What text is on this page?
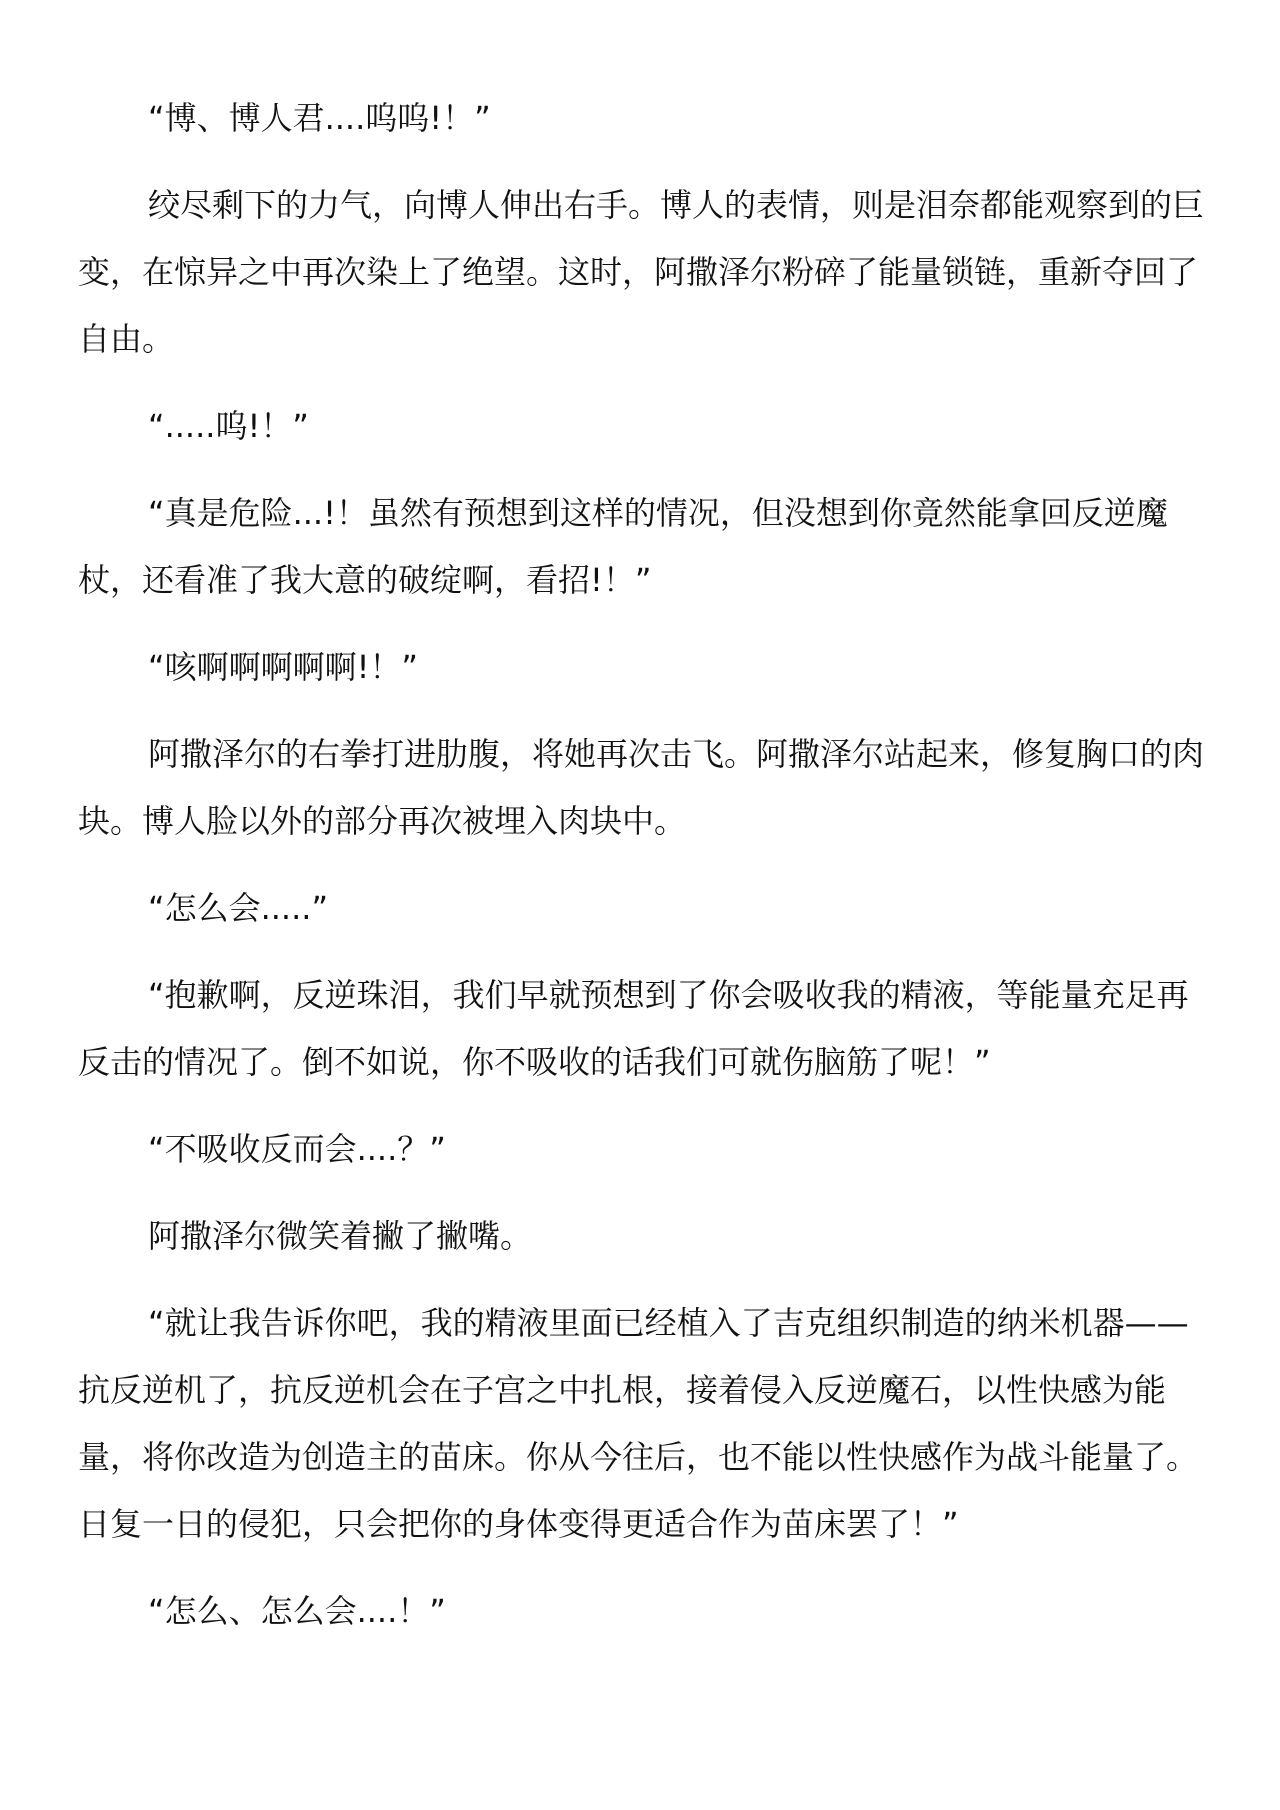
“博、博人君....呜呜!！”

绞尽剩下的力气，向博人伸出右手。博人的表情，则是泪奈都能观察到的巨变，在惊异之中再次染上了绝望。这时，阿撒泽尔粉碎了能量锁链，重新夺回了自由。

“.....呜!！”

“真是危险...!！虽然有预想到这样的情况，但没想到你竟然能拿回反逆魔杖，还看准了我大意的破绽啊，看招!！”

“咳啊啊啊啊啊!！”

阿撒泽尔的右拳打进肋腹，将她再次击飞。阿撒泽尔站起来，修复胸口的肉块。博人脸以外的部分再次被埋入肉块中。

“怎么会.....”

“抱歉啊，反逆珠泪，我们早就预想到了你会吸收我的精液，等能量充足再反击的情况了。倒不如说，你不吸收的话我们可就伤脑筋了呢！”

“不吸收反而会....？”

阿撒泽尔微笑着撇了撇嘴。

“就让我告诉你吧，我的精液里面已经植入了吉克组织制造的纳米机器——抗反逆机了，抗反逆机会在子宫之中扎根，接着侵入反逆魔石，以性快感为能量，将你改造为创造主的苗床。你从今往后，也不能以性快感作为战斗能量了。日复一日的侵犯，只会把你的身体变得更适合作为苗床罢了！”

“怎么、怎么会....！”
